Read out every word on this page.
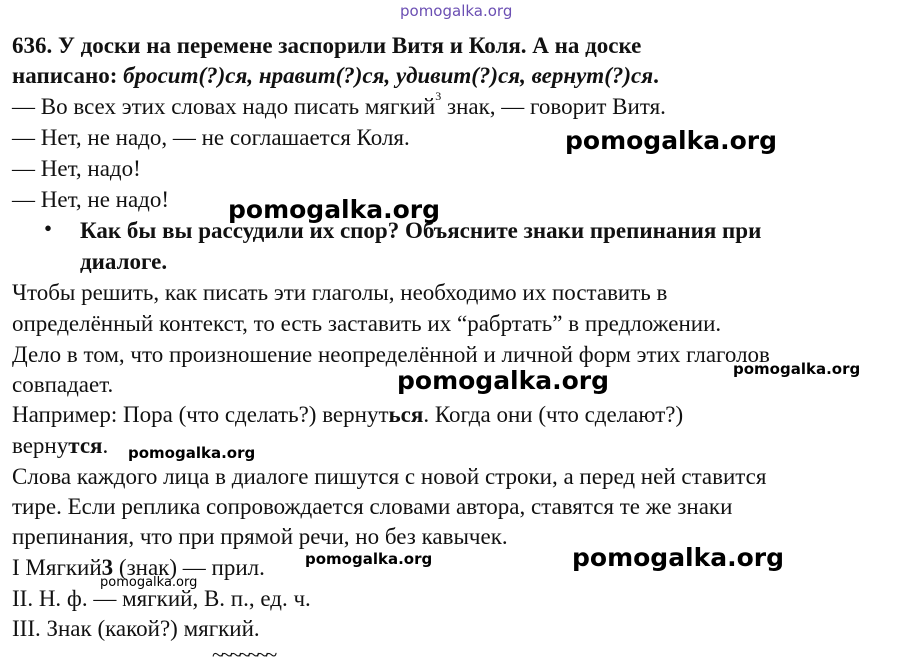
pomogalka.org
636. У доски на перемене заспорили Витя и Коля. А на доске
написано: бросит(?)ся, нравит(?)ся, удивит(?)ся, вернут(?)ся.
— Во всех этих словах надо писать мягкий$^3$ знак, — говорит Витя.
— Нет, не надо, — не соглашается Коля.
— Нет, надо!
— Нет, не надо!
• Как бы вы рассудили их спор? Объясните знаки препинания при
диалоге.
Чтобы решить, как писать эти глаголы, необходимо их поставить в
определённый контекст, то есть заставить их “рабртать” в предложении.
Дело в том, что произношение неопределённой и личной форм этих глаголов
совпадает.
Например: Пора (что сделать?) вернуться. Когда они (что сделают?)
вернутся.
Слова каждого лица в диалоге пишутся с новой строки, а перед ней ставится
тире. Если реплика сопровождается словами автора, ставятся те же знаки
препинания, что при прямой речи, но без кавычек.
I Мягкий3 (знак) — прил.
II. Н. ф. — мягкий, В. п., ед. ч.
III. Знак (какой?) мягкий.
~~~~~~~
pomogalka.org
pomogalka.org
pomogalka.org	pomogalka.org
pomogalka.org
pomogalka.org
pomogalka.org
pomogalka.org
